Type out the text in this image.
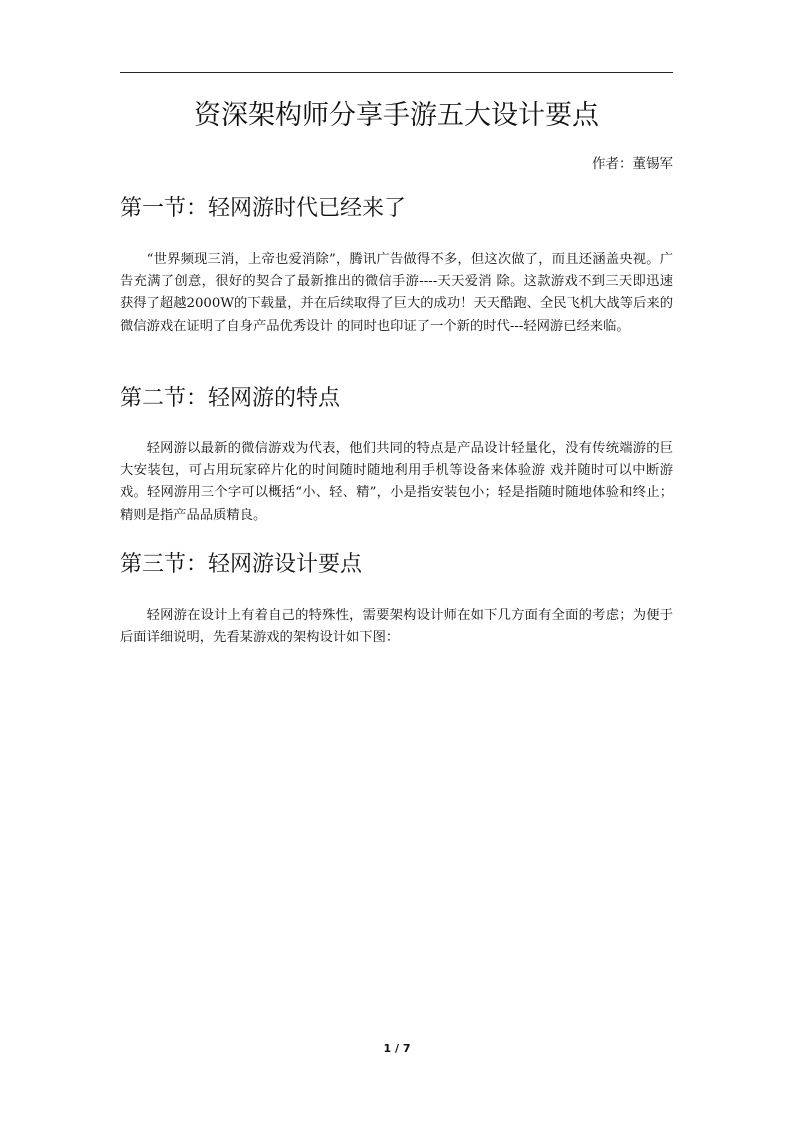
资深架构师分享手游五大设计要点
作者：董锡军
第一节：轻网游时代已经来了

“世界频现三消，上帝也爱消除”，腾讯广告做得不多，但这次做了，而且还涵盖央视。广告充满了创意，很好的契合了最新推出的微信手游----天天爱消 除。这款游戏不到三天即迅速获得了超越2000W的下载量，并在后续取得了巨大的成功！天天酷跑、全民飞机大战等后来的微信游戏在证明了自身产品优秀设计 的同时也印证了一个新的时代---轻网游已经来临。

第二节：轻网游的特点

轻网游以最新的微信游戏为代表，他们共同的特点是产品设计轻量化，没有传统端游的巨大安装包，可占用玩家碎片化的时间随时随地利用手机等设备来体验游 戏并随时可以中断游戏。轻网游用三个字可以概括“小、轻、精”，小是指安装包小；轻是指随时随地体验和终止；精则是指产品品质精良。

第三节：轻网游设计要点

轻网游在设计上有着自己的特殊性，需要架构设计师在如下几方面有全面的考虑；为便于后面详细说明，先看某游戏的架构设计如下图：

1 / 7
